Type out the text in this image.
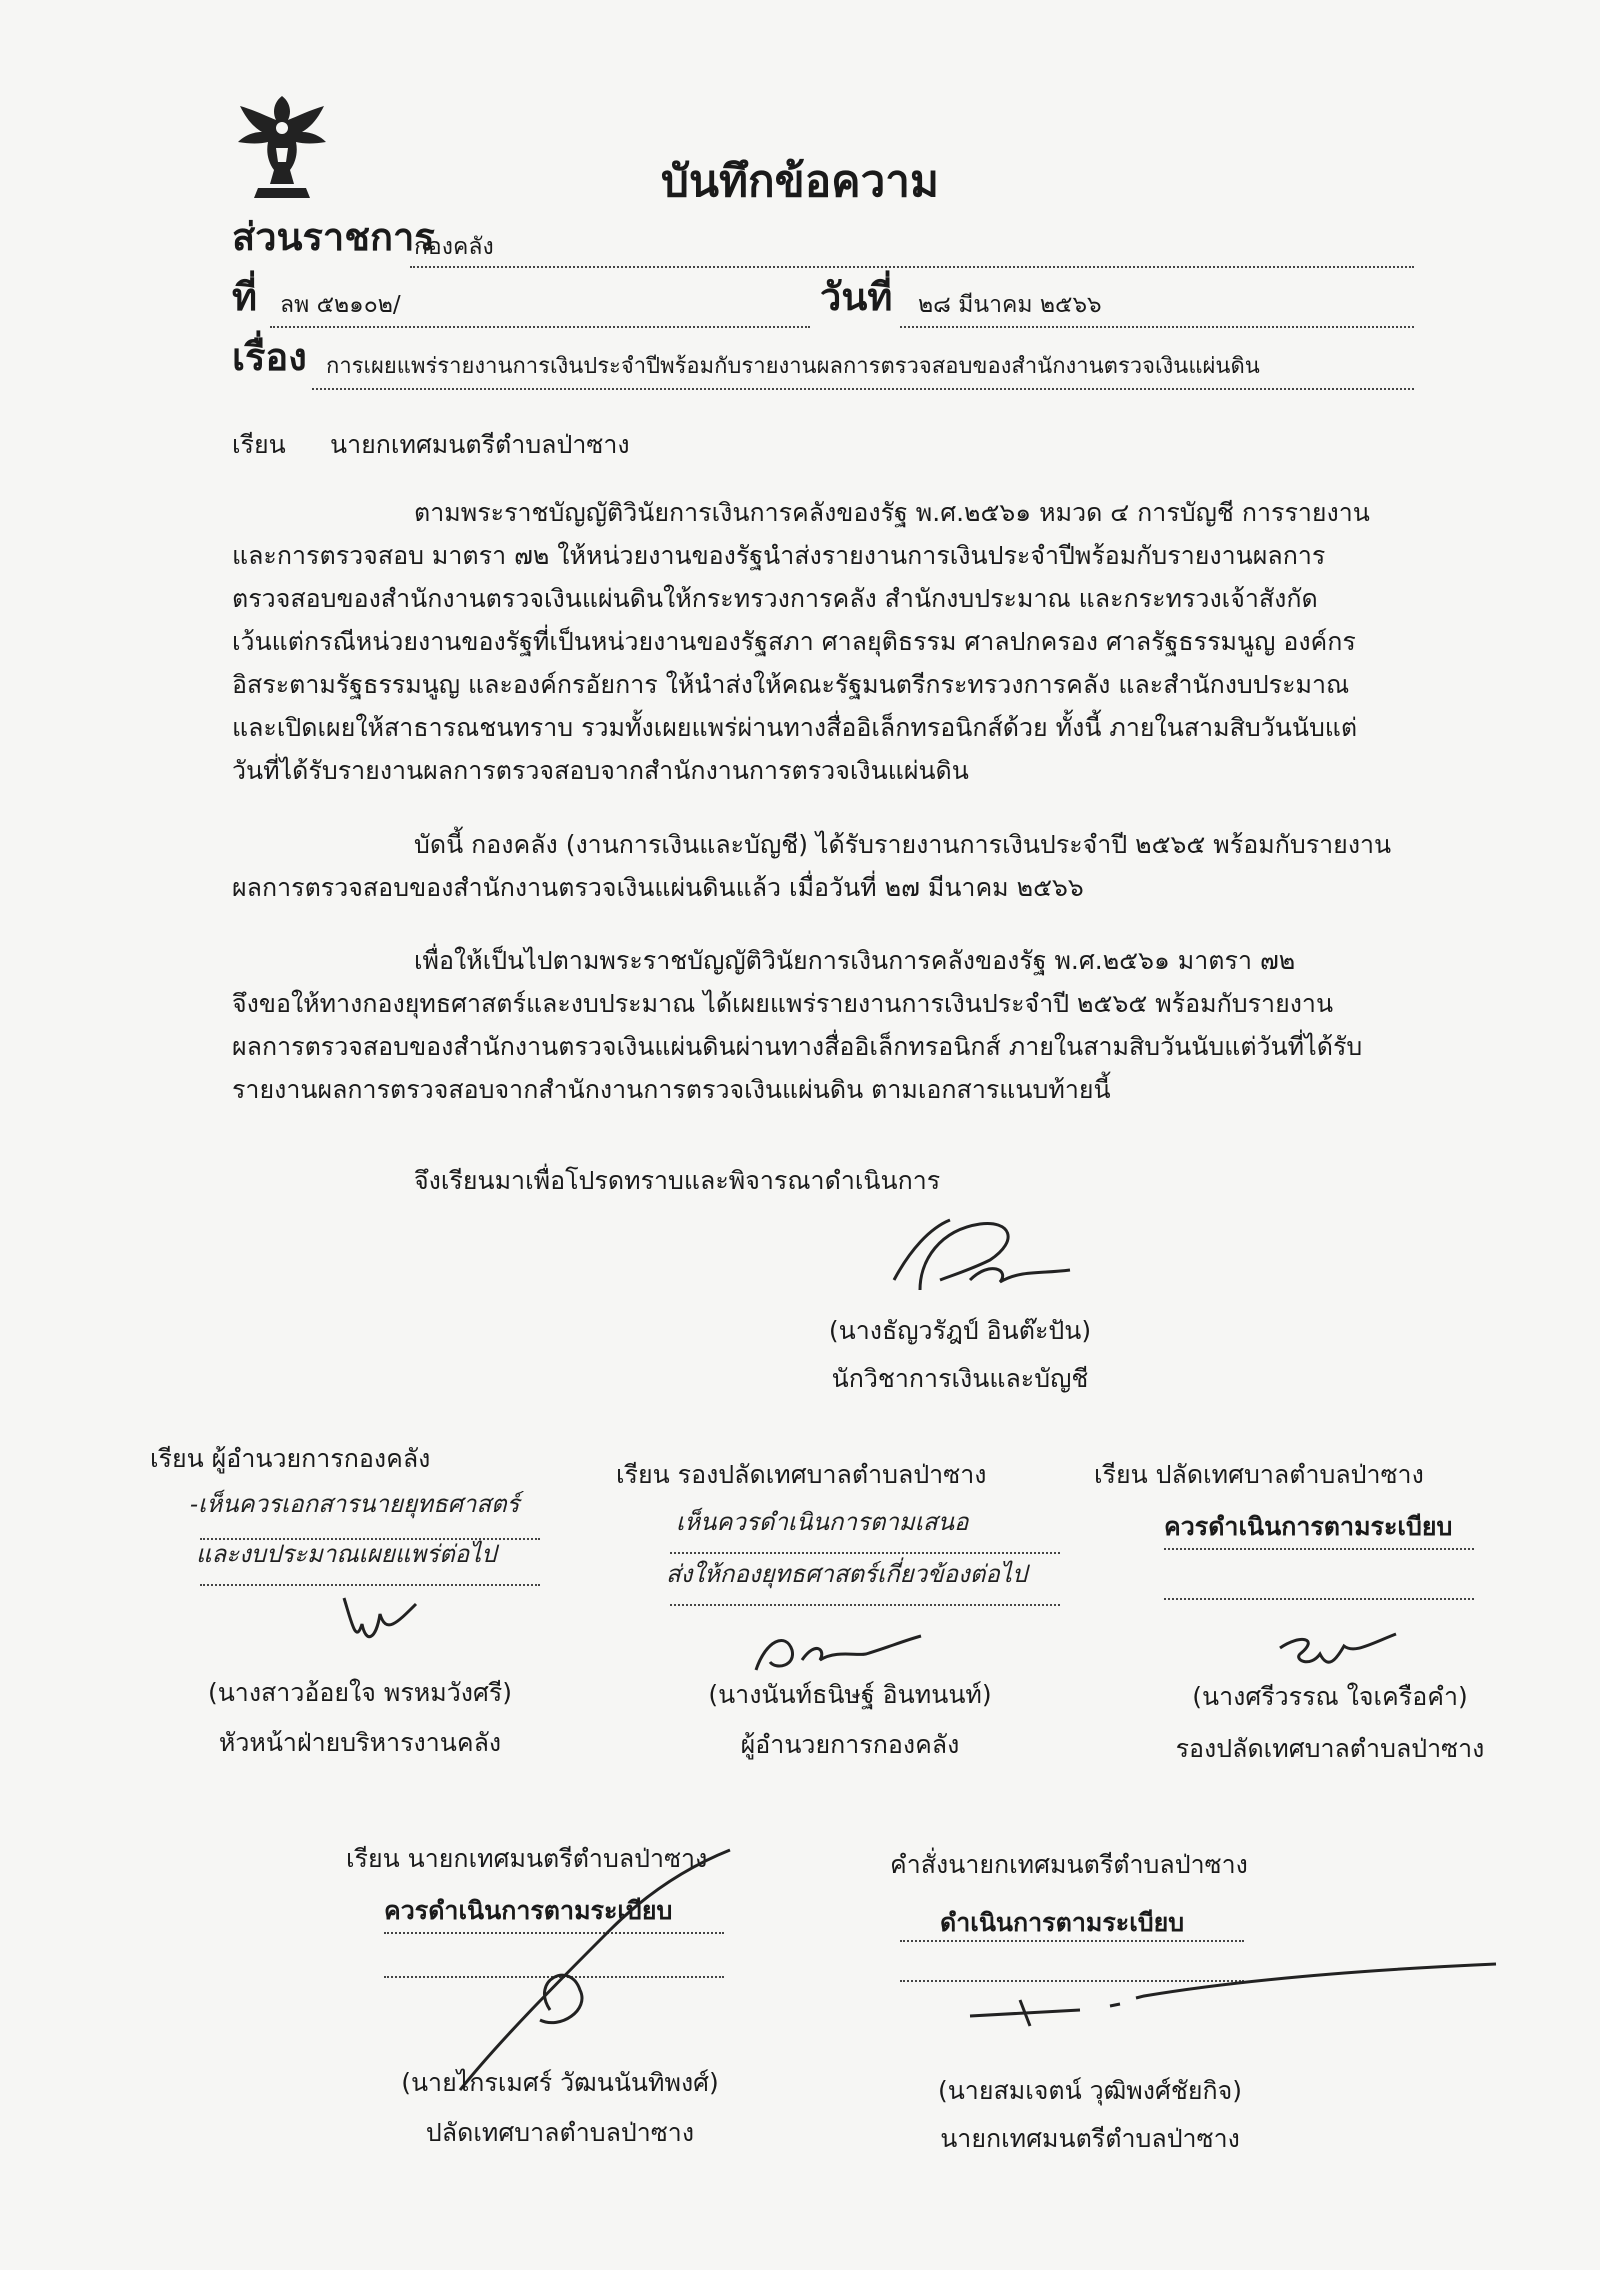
บันทึกข้อความ
ส่วนราชการ
กองคลัง
ที่ ลพ ๕๒๑๐๒/	วันที่ ๒๘ มีนาคม ๒๕๖๖
เรื่อง การเผยแพร่รายงานการเงินประจำปีพร้อมกับรายงานผลการตรวจสอบของสำนักงานตรวจเงินแผ่นดิน
เรียน นายกเทศมนตรีตำบลป่าซาง
ตามพระราชบัญญัติวินัยการเงินการคลังของรัฐ พ.ศ.๒๕๖๑ หมวด ๔ การบัญชี การรายงาน
และการตรวจสอบ มาตรา ๗๒ ให้หน่วยงานของรัฐนำส่งรายงานการเงินประจำปีพร้อมกับรายงานผลการ
ตรวจสอบของสำนักงานตรวจเงินแผ่นดินให้กระทรวงการคลัง สำนักงบประมาณ และกระทรวงเจ้าสังกัด
เว้นแต่กรณีหน่วยงานของรัฐที่เป็นหน่วยงานของรัฐสภา ศาลยุติธรรม ศาลปกครอง ศาลรัฐธรรมนูญ องค์กร
อิสระตามรัฐธรรมนูญ และองค์กรอัยการ ให้นำส่งให้คณะรัฐมนตรีกระทรวงการคลัง และสำนักงบประมาณ
และเปิดเผยให้สาธารณชนทราบ รวมทั้งเผยแพร่ผ่านทางสื่ออิเล็กทรอนิกส์ด้วย ทั้งนี้ ภายในสามสิบวันนับแต่
วันที่ได้รับรายงานผลการตรวจสอบจากสำนักงานการตรวจเงินแผ่นดิน
บัดนี้ กองคลัง (งานการเงินและบัญชี) ได้รับรายงานการเงินประจำปี ๒๕๖๕ พร้อมกับรายงาน
ผลการตรวจสอบของสำนักงานตรวจเงินแผ่นดินแล้ว เมื่อวันที่ ๒๗ มีนาคม ๒๕๖๖
เพื่อให้เป็นไปตามพระราชบัญญัติวินัยการเงินการคลังของรัฐ พ.ศ.๒๕๖๑ มาตรา ๗๒
จึงขอให้ทางกองยุทธศาสตร์และงบประมาณ ได้เผยแพร่รายงานการเงินประจำปี ๒๕๖๕ พร้อมกับรายงาน
ผลการตรวจสอบของสำนักงานตรวจเงินแผ่นดินผ่านทางสื่ออิเล็กทรอนิกส์ ภายในสามสิบวันนับแต่วันที่ได้รับ
รายงานผลการตรวจสอบจากสำนักงานการตรวจเงินแผ่นดิน ตามเอกสารแนบท้ายนี้
จึงเรียนมาเพื่อโปรดทราบและพิจารณาดำเนินการ
(นางธัญวรัฎป์ อินต๊ะปัน)
นักวิชาการเงินและบัญชี
เรียน ผู้อำนวยการกองคลัง
-เห็นควรเอกสารนายยุทธศาสตร์
และงบประมาณเผยแพร่ต่อไป
(นางสาวอ้อยใจ พรหมวังศรี)
หัวหน้าฝ่ายบริหารงานคลัง
เรียน รองปลัดเทศบาลตำบลป่าซาง
เห็นควรดำเนินการตามเสนอ
ส่งให้กองยุทธศาสตร์เกี่ยวข้องต่อไป
(นางนันท์ธนิษฐ์ อินทนนท์)
ผู้อำนวยการกองคลัง
เรียน ปลัดเทศบาลตำบลป่าซาง
ควรดำเนินการตามระเบียบ
(นางศรีวรรณ ใจเครือคำ)
รองปลัดเทศบาลตำบลป่าซาง
เรียน นายกเทศมนตรีตำบลป่าซาง
ควรดำเนินการตามระเบียบ
(นายไกรเมศร์ วัฒนนันทิพงศ์)
ปลัดเทศบาลตำบลป่าซาง
คำสั่งนายกเทศมนตรีตำบลป่าซาง
ดำเนินการตามระเบียบ
(นายสมเจตน์ วุฒิพงศ์ชัยกิจ)
นายกเทศมนตรีตำบลป่าซาง
